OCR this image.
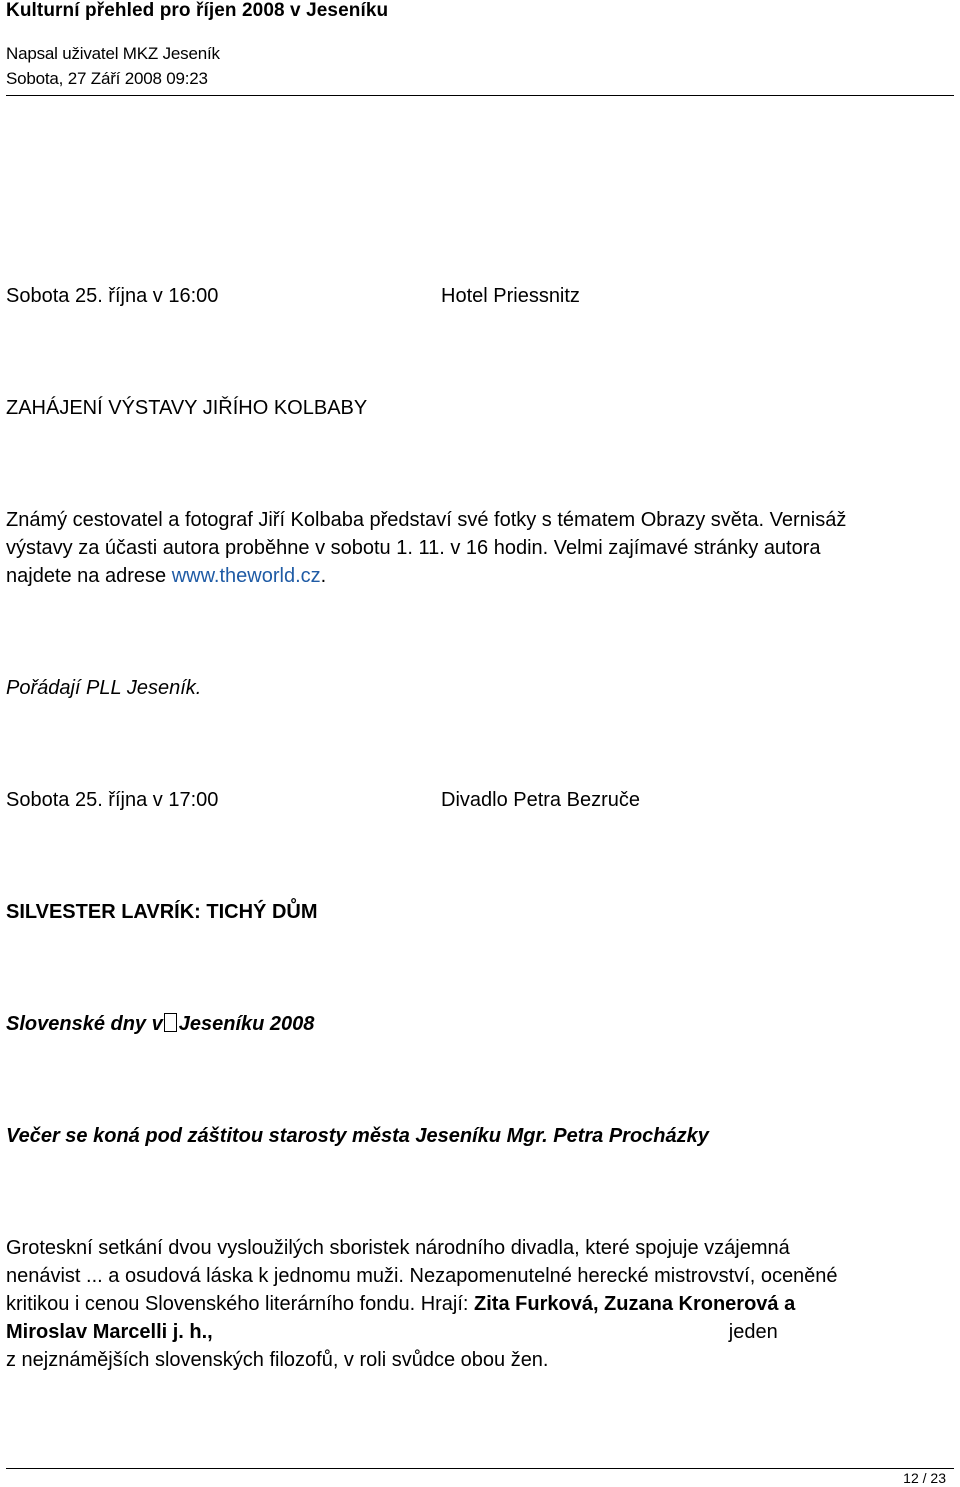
Kulturní přehled pro říjen 2008 v Jeseníku
Napsal uživatel MKZ Jeseník
Sobota, 27 Září 2008 09:23
Sobota 25. října v 16:00	Hotel Priessnitz
ZAHÁJENÍ VÝSTAVY JIŘÍHO KOLBABY
Známý cestovatel a fotograf Jiří Kolbaba představí své fotky s tématem Obrazy světa. Vernisáž
výstavy za účasti autora proběhne v sobotu 1. 11. v 16 hodin. Velmi zajímavé stránky autora
najdete na adrese www.theworld.cz.
Pořádají PLL Jeseník.
Sobota 25. října v 17:00	Divadlo Petra Bezruče
SILVESTER LAVRÍK: TICHÝ DŮM
Slovenské dny v Jeseníku 2008
Večer se koná pod záštitou starosty města Jeseníku Mgr. Petra Procházky
Groteskní setkání dvou vysloužilých sboristek národního divadla, které spojuje vzájemná
nenávist ... a osudová láska k jednomu muži. Nezapomenutelné herecké mistrovství, oceněné
kritikou i cenou Slovenského literárního fondu. Hrají: Zita Furková, Zuzana Kronerová a
Miroslav Marcelli j. h.,	jeden
z nejznámějších slovenských filozofů, v roli svůdce obou žen.
12 / 23
